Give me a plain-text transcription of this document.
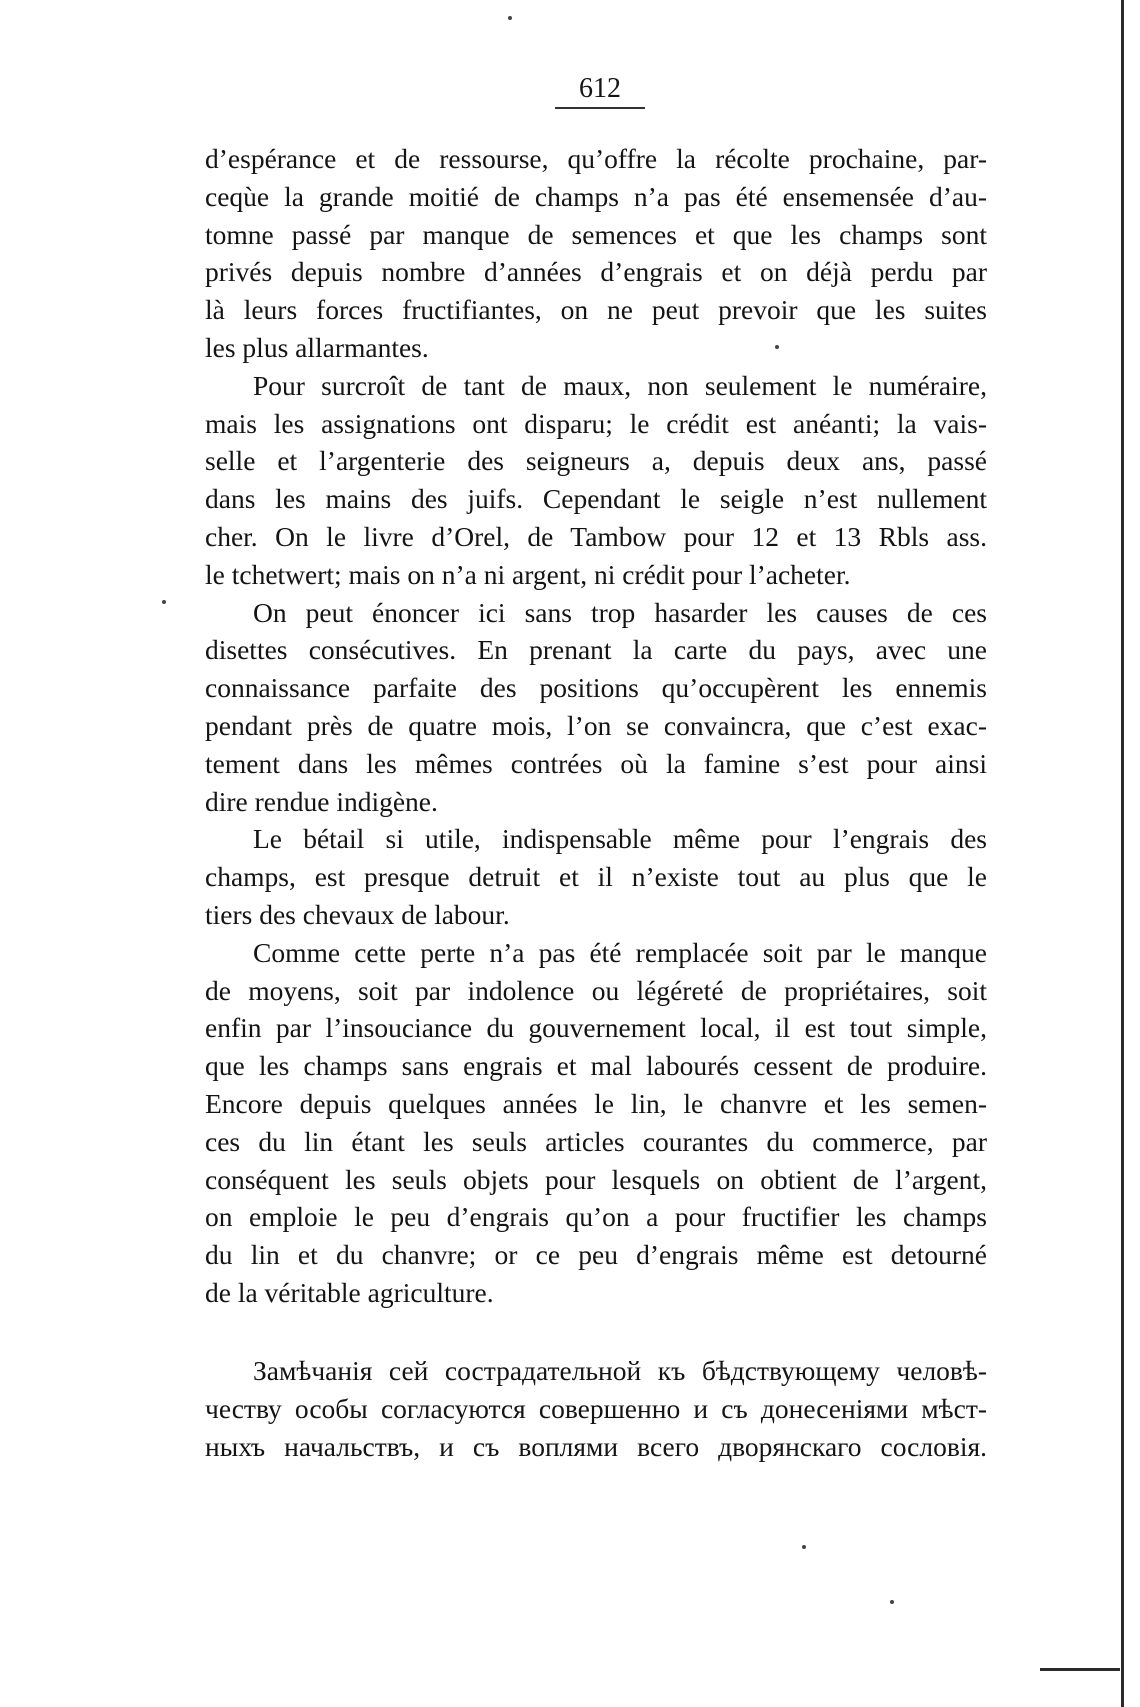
612
d’espérance et de ressourse, qu’offre la récolte prochaine, par-
ceqùe la grande moitié de champs n’a pas été ensemensée d’au-
tomne passé par manque de semences et que les champs sont
privés depuis nombre d’années d’engrais et on déjà perdu par
là leurs forces fructifiantes, on ne peut prevoir que les suites
les plus allarmantes.
Pour surcroît de tant de maux, non seulement le numéraire,
mais les assignations ont disparu; le crédit est anéanti; la vais-
selle et l’argenterie des seigneurs a, depuis deux ans, passé
dans les mains des juifs. Cependant le seigle n’est nullement
cher. On le livre d’Orel, de Tambow pour 12 et 13 Rbls ass.
le tchetwert; mais on n’a ni argent, ni crédit pour l’acheter.
On peut énoncer ici sans trop hasarder les causes de ces
disettes consécutives. En prenant la carte du pays, avec une
connaissance parfaite des positions qu’occupèrent les ennemis
pendant près de quatre mois, l’on se convaincra, que c’est exac-
tement dans les mêmes contrées où la famine s’est pour ainsi
dire rendue indigène.
Le bétail si utile, indispensable même pour l’engrais des
champs, est presque detruit et il n’existe tout au plus que le
tiers des chevaux de labour.
Comme cette perte n’a pas été remplacée soit par le manque
de moyens, soit par indolence ou légéreté de propriétaires, soit
enfin par l’insouciance du gouvernement local, il est tout simple,
que les champs sans engrais et mal labourés cessent de produire.
Encore depuis quelques années le lin, le chanvre et les semen-
ces du lin étant les seuls articles courantes du commerce, par
conséquent les seuls objets pour lesquels on obtient de l’argent,
on emploie le peu d’engrais qu’on a pour fructifier les champs
du lin et du chanvre; or ce peu d’engrais même est detourné
de la véritable agriculture.
Замѣчанія сей сострадательной къ бѣдствующему человѣ-
честву особы согласуются совершенно и съ донесеніями мѣст-
ныхъ начальствъ, и съ воплями всего дворянскаго сословія.
